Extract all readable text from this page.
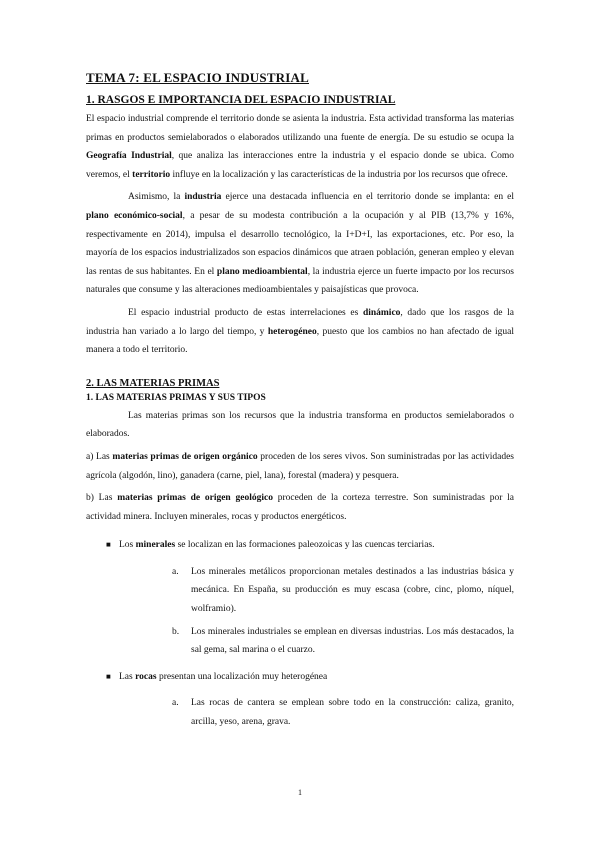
TEMA 7: EL ESPACIO INDUSTRIAL
1. RASGOS E IMPORTANCIA DEL ESPACIO INDUSTRIAL

El espacio industrial comprende el territorio donde se asienta la industria. Esta actividad transforma las materias primas en productos semielaborados o elaborados utilizando una fuente de energía. De su estudio se ocupa la Geografía Industrial, que analiza las interacciones entre la industria y el espacio donde se ubica. Como veremos, el territorio influye en la localización y las características de la industria por los recursos que ofrece.

Asimismo, la industria ejerce una destacada influencia en el territorio donde se implanta: en el plano económico-social, a pesar de su modesta contribución a la ocupación y al PIB (13,7% y 16%, respectivamente en 2014), impulsa el desarrollo tecnológico, la I+D+I, las exportaciones, etc. Por eso, la mayoría de los espacios industrializados son espacios dinámicos que atraen población, generan empleo y elevan las rentas de sus habitantes. En el plano medioambiental, la industria ejerce un fuerte impacto por los recursos naturales que consume y las alteraciones medioambientales y paisajísticas que provoca.

El espacio industrial producto de estas interrelaciones es dinámico, dado que los rasgos de la industria han variado a lo largo del tiempo, y heterogéneo, puesto que los cambios no han afectado de igual manera a todo el territorio.

2. LAS MATERIAS PRIMAS
1. LAS MATERIAS PRIMAS Y SUS TIPOS

Las materias primas son los recursos que la industria transforma en productos semielaborados o elaborados.

a) Las materias primas de origen orgánico proceden de los seres vivos. Son suministradas por las actividades agrícola (algodón, lino), ganadera (carne, piel, lana), forestal (madera) y pesquera.

b) Las materias primas de origen geológico proceden de la corteza terrestre. Son suministradas por la actividad minera. Incluyen minerales, rocas y productos energéticos.

■ Los minerales se localizan en las formaciones paleozoicas y las cuencas terciarias.
a. Los minerales metálicos proporcionan metales destinados a las industrias básica y mecánica. En España, su producción es muy escasa (cobre, cinc, plomo, níquel, wolframio).
b. Los minerales industriales se emplean en diversas industrias. Los más destacados, la sal gema, sal marina o el cuarzo.
■ Las rocas presentan una localización muy heterogénea
a. Las rocas de cantera se emplean sobre todo en la construcción: caliza, granito, arcilla, yeso, arena, grava.
1
